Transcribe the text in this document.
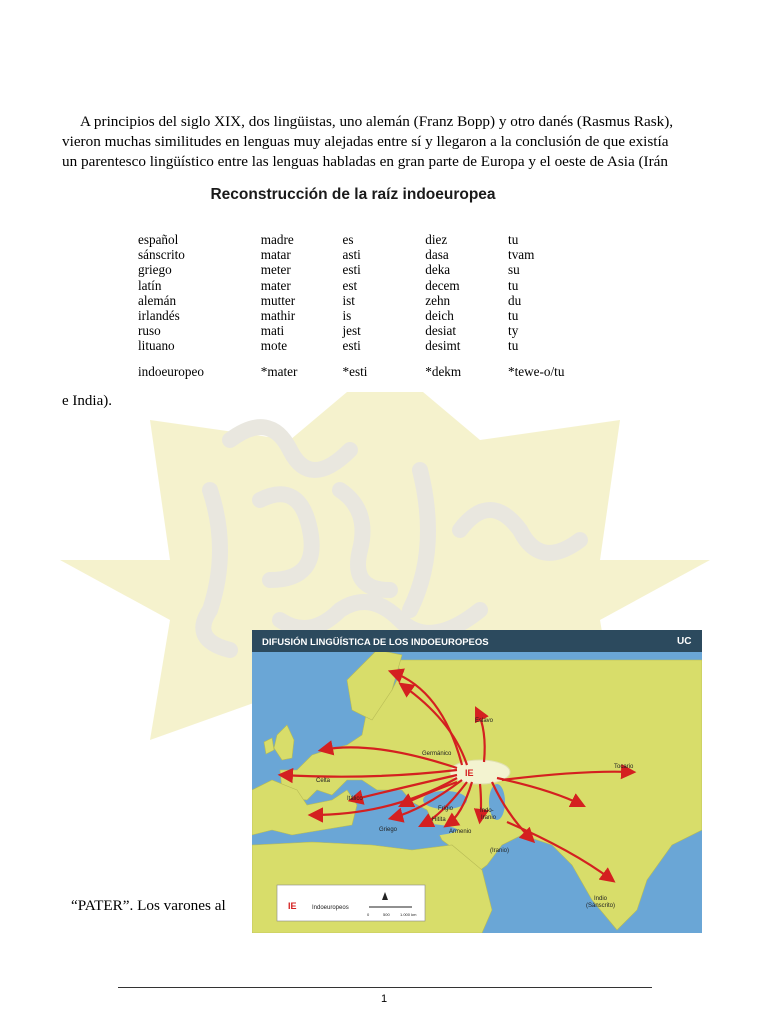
A principios del siglo XIX, dos lingüistas, uno alemán (Franz Bopp) y otro danés (Rasmus Rask),
vieron muchas similitudes en lenguas muy alejadas entre sí y llegaron a la conclusión de que existía
un parentesco lingüístico entre las lenguas habladas en gran parte de Europa y el oeste de Asia (Irán
Reconstrucción de la raíz indoeuropea
español	madre	es	diez	tu
sánscrito	matar	asti	dasa	tvam
griego	meter	esti	deka	su
latín	mater	est	decem	tu
alemán	mutter	ist	zehn	du
irlandés	mathir	is	deich	tu
ruso	mati	jest	desiat	ty
lituano	mote	esti	desimt	tu
indoeuropeo	*mater	*esti	*dekm	*tewe-o/tu
e India).
“PATER”. Los varones al
DIFUSIÓN LINGÜÍSTICA DE LOS INDOEUROPEOS	UC
Eslavo
Germánico
Celta
Itálico
Tocario
Frigio
Hitita
Griego	Armenio
Indo-
Iranio
(Iranio)
Indio
(Sánscrito)
IE
IE	Indoeuropeos
0	500	1.000 km
1
